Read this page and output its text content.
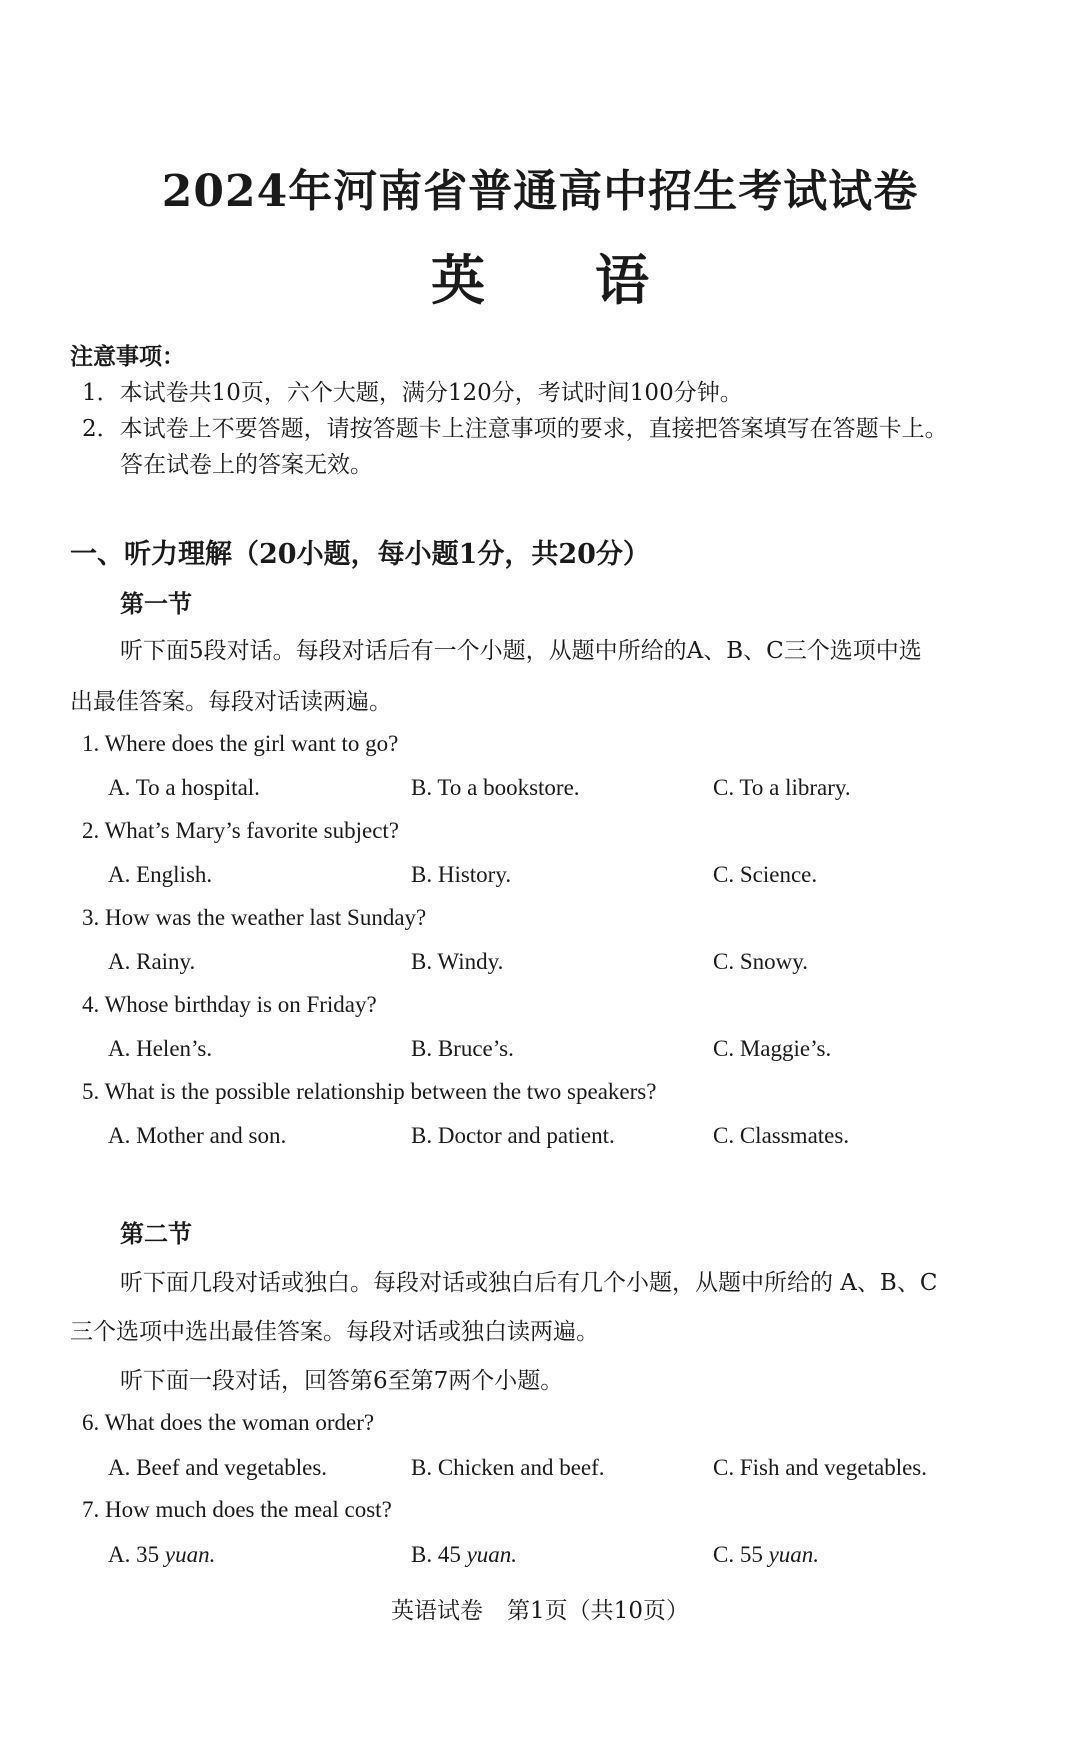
2024年河南省普通高中招生考试试卷
英语
注意事项：
1．本试卷共10页，六个大题，满分120分，考试时间100分钟。
2．本试卷上不要答题，请按答题卡上注意事项的要求，直接把答案填写在答题卡上。
答在试卷上的答案无效。
一、听力理解（20小题，每小题1分，共20分）
第一节
听下面5段对话。每段对话后有一个小题，从题中所给的A、B、C三个选项中选
出最佳答案。每段对话读两遍。
1. Where does the girl want to go?
A. To a hospital.	B. To a bookstore.	C. To a library.
2. What’s Mary’s favorite subject?
A. English.	B. History.	C. Science.
3. How was the weather last Sunday?
A. Rainy.	B. Windy.	C. Snowy.
4. Whose birthday is on Friday?
A. Helen’s.	B. Bruce’s.	C. Maggie’s.
5. What is the possible relationship between the two speakers?
A. Mother and son.	B. Doctor and patient.	C. Classmates.
第二节
听下面几段对话或独白。每段对话或独白后有几个小题，从题中所给的 A、B、C
三个选项中选出最佳答案。每段对话或独白读两遍。
听下面一段对话，回答第6至第7两个小题。
6. What does the woman order?
A. Beef and vegetables.	B. Chicken and beef.	C. Fish and vegetables.
7. How much does the meal cost?
A. 35 yuan.	B. 45 yuan.	C. 55 yuan.
英语试卷 第1页（共10页）
